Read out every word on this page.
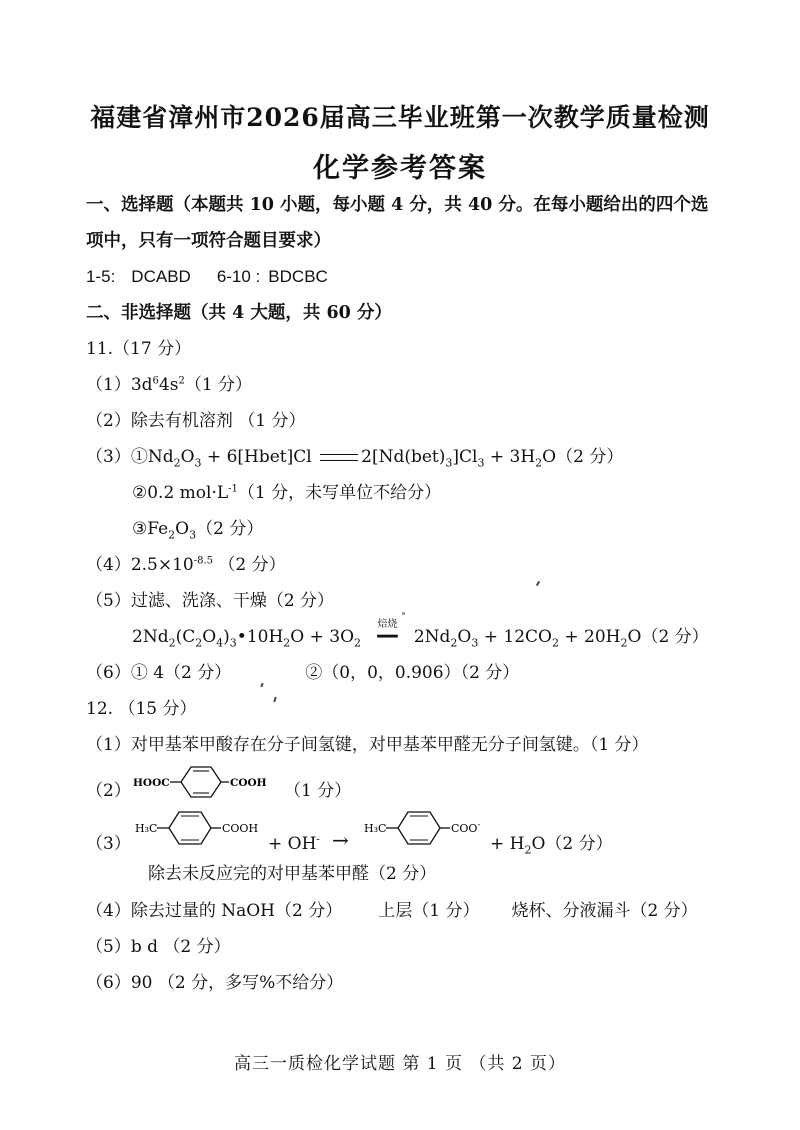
福建省漳州市2026届高三毕业班第一次教学质量检测
化学参考答案
一、选择题（本题共 10 小题，每小题 4 分，共 40 分。在每小题给出的四个选
项中，只有一项符合题目要求）
1-5: DCABD 6-10 : BDCBC
二、非选择题（共 4 大题，共 60 分）
11.（17 分）
$(1)3d^64s^2(1$ 分）
（2）除去有机溶剂 （1 分）
$(3)①Nd_2O_3$ + 6[Hbet]Cl	$2[Nd(bet)_3]Cl_3 + 3H_2O(2$ 分）
②0.2 $mol\cdot L^{-1}(1$ 分，未写单位不给分）
$③Fe_2O_3(2$ 分）
$(4)2.5\times 10^{-8.5}$ （2 分）
（5）过滤、洗涤、干燥（2 分）
$2Nd_2(C_2O_4)_3•10H_2O + 3O_2$
焙烧
━━ $2Nd_2O_3 + 12CO_2 + 20H_2O(2$ 分）
（6）① 4（2 分）	②（0，0，0.906）（2 分）
12. （15 分）
（1）对甲基苯甲酸存在分子间氢键，对甲基苯甲醛无分子间氢键。（1 分）
（2） HOOC	COOH （1 分）
（3）
H₃C	COOH
+ OH- → H₃C	COO-
+ $H_2O(2$ 分）
除去未反应完的对甲基苯甲醛（2 分）
（4）除去过量的 NaOH（2 分） 上层（1 分） 烧杯、分液漏斗（2 分）
（5）b d （2 分）
（6）90 （2 分，多写%不给分）
高三一质检化学试题 第 1 页 （共 2 页）
